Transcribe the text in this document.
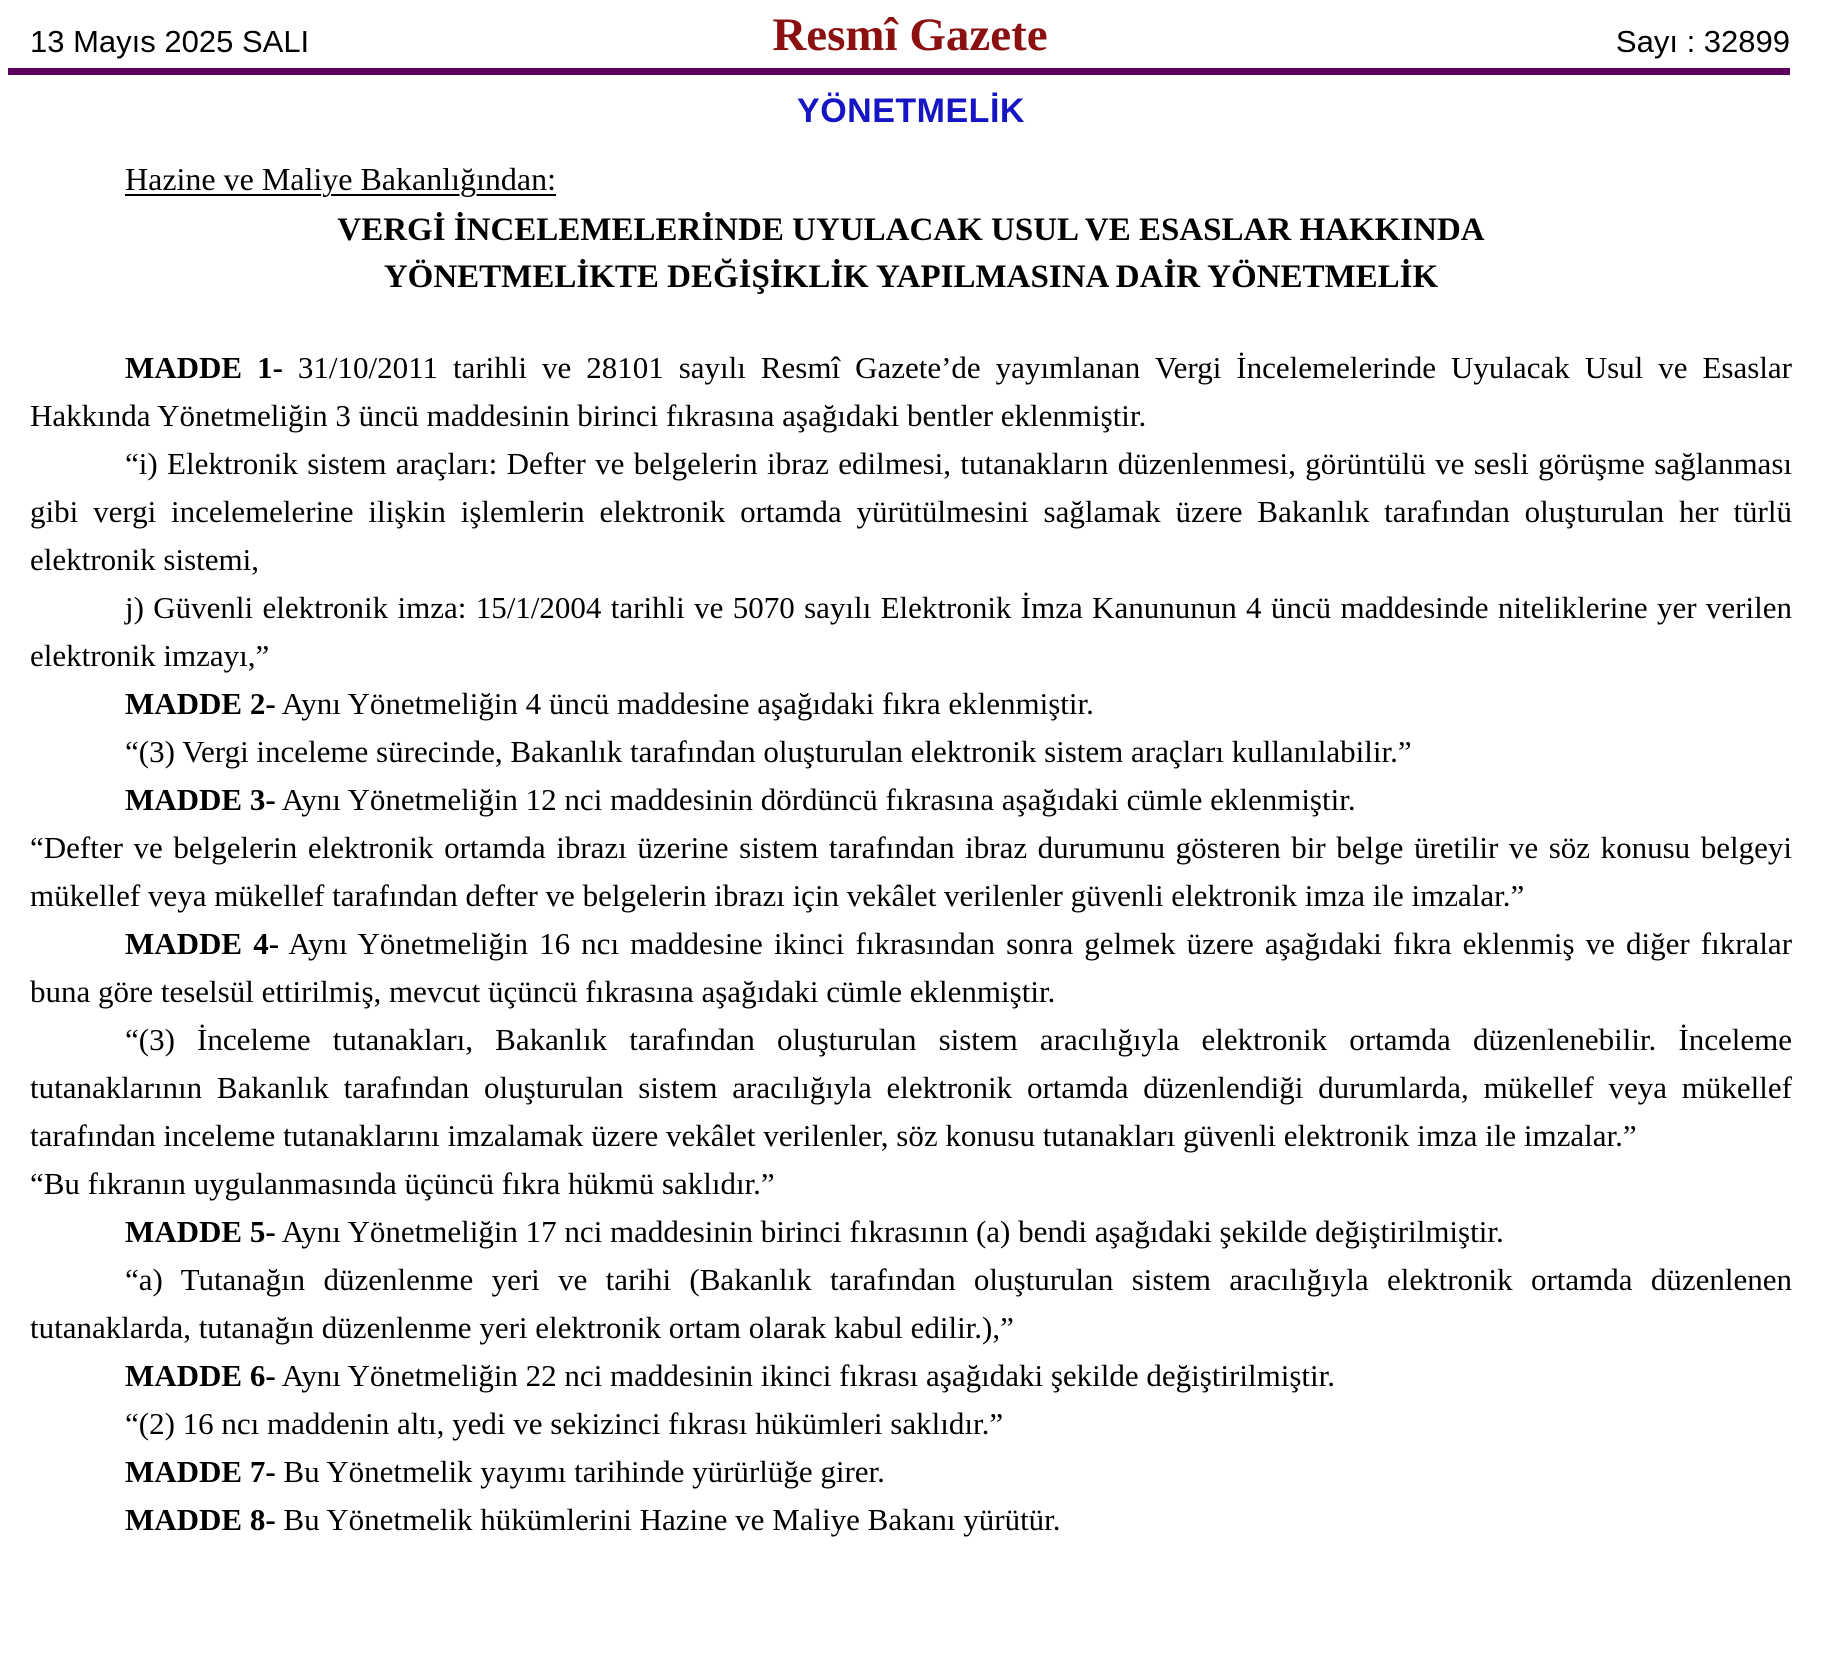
13 Mayıs 2025 SALI	Resmî Gazete	Sayı : 32899
YÖNETMELİK
Hazine ve Maliye Bakanlığından:
VERGİ İNCELEMELERİNDE UYULACAK USUL VE ESASLAR HAKKINDA
YÖNETMELİKTE DEĞİŞİKLİK YAPILMASINA DAİR YÖNETMELİK

MADDE 1- 31/10/2011 tarihli ve 28101 sayılı Resmî Gazete’de yayımlanan Vergi İncelemelerinde Uyulacak Usul ve Esaslar Hakkında Yönetmeliğin 3 üncü maddesinin birinci fıkrasına aşağıdaki bentler eklenmiştir.

“i) Elektronik sistem araçları: Defter ve belgelerin ibraz edilmesi, tutanakların düzenlenmesi, görüntülü ve sesli görüşme sağlanması gibi vergi incelemelerine ilişkin işlemlerin elektronik ortamda yürütülmesini sağlamak üzere Bakanlık tarafından oluşturulan her türlü elektronik sistemi,

j) Güvenli elektronik imza: 15/1/2004 tarihli ve 5070 sayılı Elektronik İmza Kanununun 4 üncü maddesinde niteliklerine yer verilen elektronik imzayı,”

MADDE 2- Aynı Yönetmeliğin 4 üncü maddesine aşağıdaki fıkra eklenmiştir.

“(3) Vergi inceleme sürecinde, Bakanlık tarafından oluşturulan elektronik sistem araçları kullanılabilir.”

MADDE 3- Aynı Yönetmeliğin 12 nci maddesinin dördüncü fıkrasına aşağıdaki cümle eklenmiştir.

“Defter ve belgelerin elektronik ortamda ibrazı üzerine sistem tarafından ibraz durumunu gösteren bir belge üretilir ve söz konusu belgeyi mükellef veya mükellef tarafından defter ve belgelerin ibrazı için vekâlet verilenler güvenli elektronik imza ile imzalar.”

MADDE 4- Aynı Yönetmeliğin 16 ncı maddesine ikinci fıkrasından sonra gelmek üzere aşağıdaki fıkra eklenmiş ve diğer fıkralar buna göre teselsül ettirilmiş, mevcut üçüncü fıkrasına aşağıdaki cümle eklenmiştir.

“(3) İnceleme tutanakları, Bakanlık tarafından oluşturulan sistem aracılığıyla elektronik ortamda düzenlenebilir. İnceleme tutanaklarının Bakanlık tarafından oluşturulan sistem aracılığıyla elektronik ortamda düzenlendiği durumlarda, mükellef veya mükellef tarafından inceleme tutanaklarını imzalamak üzere vekâlet verilenler, söz konusu tutanakları güvenli elektronik imza ile imzalar.”

“Bu fıkranın uygulanmasında üçüncü fıkra hükmü saklıdır.”

MADDE 5- Aynı Yönetmeliğin 17 nci maddesinin birinci fıkrasının (a) bendi aşağıdaki şekilde değiştirilmiştir.

“a) Tutanağın düzenlenme yeri ve tarihi (Bakanlık tarafından oluşturulan sistem aracılığıyla elektronik ortamda düzenlenen tutanaklarda, tutanağın düzenlenme yeri elektronik ortam olarak kabul edilir.),”

MADDE 6- Aynı Yönetmeliğin 22 nci maddesinin ikinci fıkrası aşağıdaki şekilde değiştirilmiştir.

“(2) 16 ncı maddenin altı, yedi ve sekizinci fıkrası hükümleri saklıdır.”

MADDE 7- Bu Yönetmelik yayımı tarihinde yürürlüğe girer.

MADDE 8- Bu Yönetmelik hükümlerini Hazine ve Maliye Bakanı yürütür.
